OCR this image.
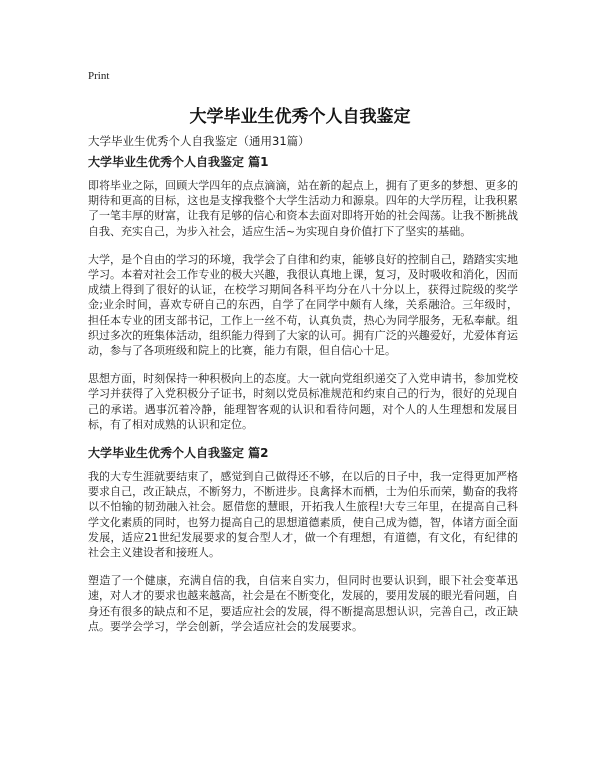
Print
大学毕业生优秀个人自我鉴定

大学毕业生优秀个人自我鉴定（通用31篇）

大学毕业生优秀个人自我鉴定 篇1

即将毕业之际，回顾大学四年的点点滴滴，站在新的起点上，拥有了更多的梦想、更多的期待和更高的目标，这也是支撑我整个大学生活动力和源泉。四年的大学历程，让我积累了一笔丰厚的财富，让我有足够的信心和资本去面对即将开始的社会闯荡。让我不断挑战自我、充实自己，为步入社会，适应生活~为实现自身价值打下了坚实的基础。

大学，是个自由的学习的环境，我学会了自律和约束，能够良好的控制自己，踏踏实实地学习。本着对社会工作专业的极大兴趣，我很认真地上课，复习，及时吸收和消化，因而成绩上得到了很好的认证，在校学习期间各科平均分在八十分以上，获得过院级的奖学金;业余时间，喜欢专研自己的东西，自学了在同学中颇有人缘，关系融洽。三年级时，担任本专业的团支部书记，工作上一丝不苟，认真负责，热心为同学服务，无私奉献。组织过多次的班集体活动，组织能力得到了大家的认可。拥有广泛的兴趣爱好，尤爱体育运动，参与了各项班级和院上的比赛，能力有限，但自信心十足。

思想方面，时刻保持一种积极向上的态度。大一就向党组织递交了入党申请书，参加党校学习并获得了入党积极分子证书，时刻以党员标准规范和约束自己的行为，很好的兑现自己的承诺。遇事沉着冷静，能理智客观的认识和看待问题，对个人的人生理想和发展目标，有了相对成熟的认识和定位。

大学毕业生优秀个人自我鉴定 篇2

我的大专生涯就要结束了，感觉到自己做得还不够，在以后的日子中，我一定得更加严格要求自己，改正缺点，不断努力，不断进步。良禽择木而栖，士为伯乐而荣，勤奋的我将以不怕输的韧劲融入社会。愿借您的慧眼，开拓我人生旅程!大专三年里，在提高自己科学文化素质的同时，也努力提高自己的思想道德素质，使自己成为德，智，体诸方面全面发展，适应21世纪发展要求的复合型人才，做一个有理想，有道德，有文化，有纪律的社会主义建设者和接班人。

塑造了一个健康，充满自信的我，自信来自实力，但同时也要认识到，眼下社会变革迅速，对人才的要求也越来越高，社会是在不断变化，发展的，要用发展的眼光看问题，自身还有很多的缺点和不足，要适应社会的发展，得不断提高思想认识，完善自己，改正缺点。要学会学习，学会创新，学会适应社会的发展要求。
